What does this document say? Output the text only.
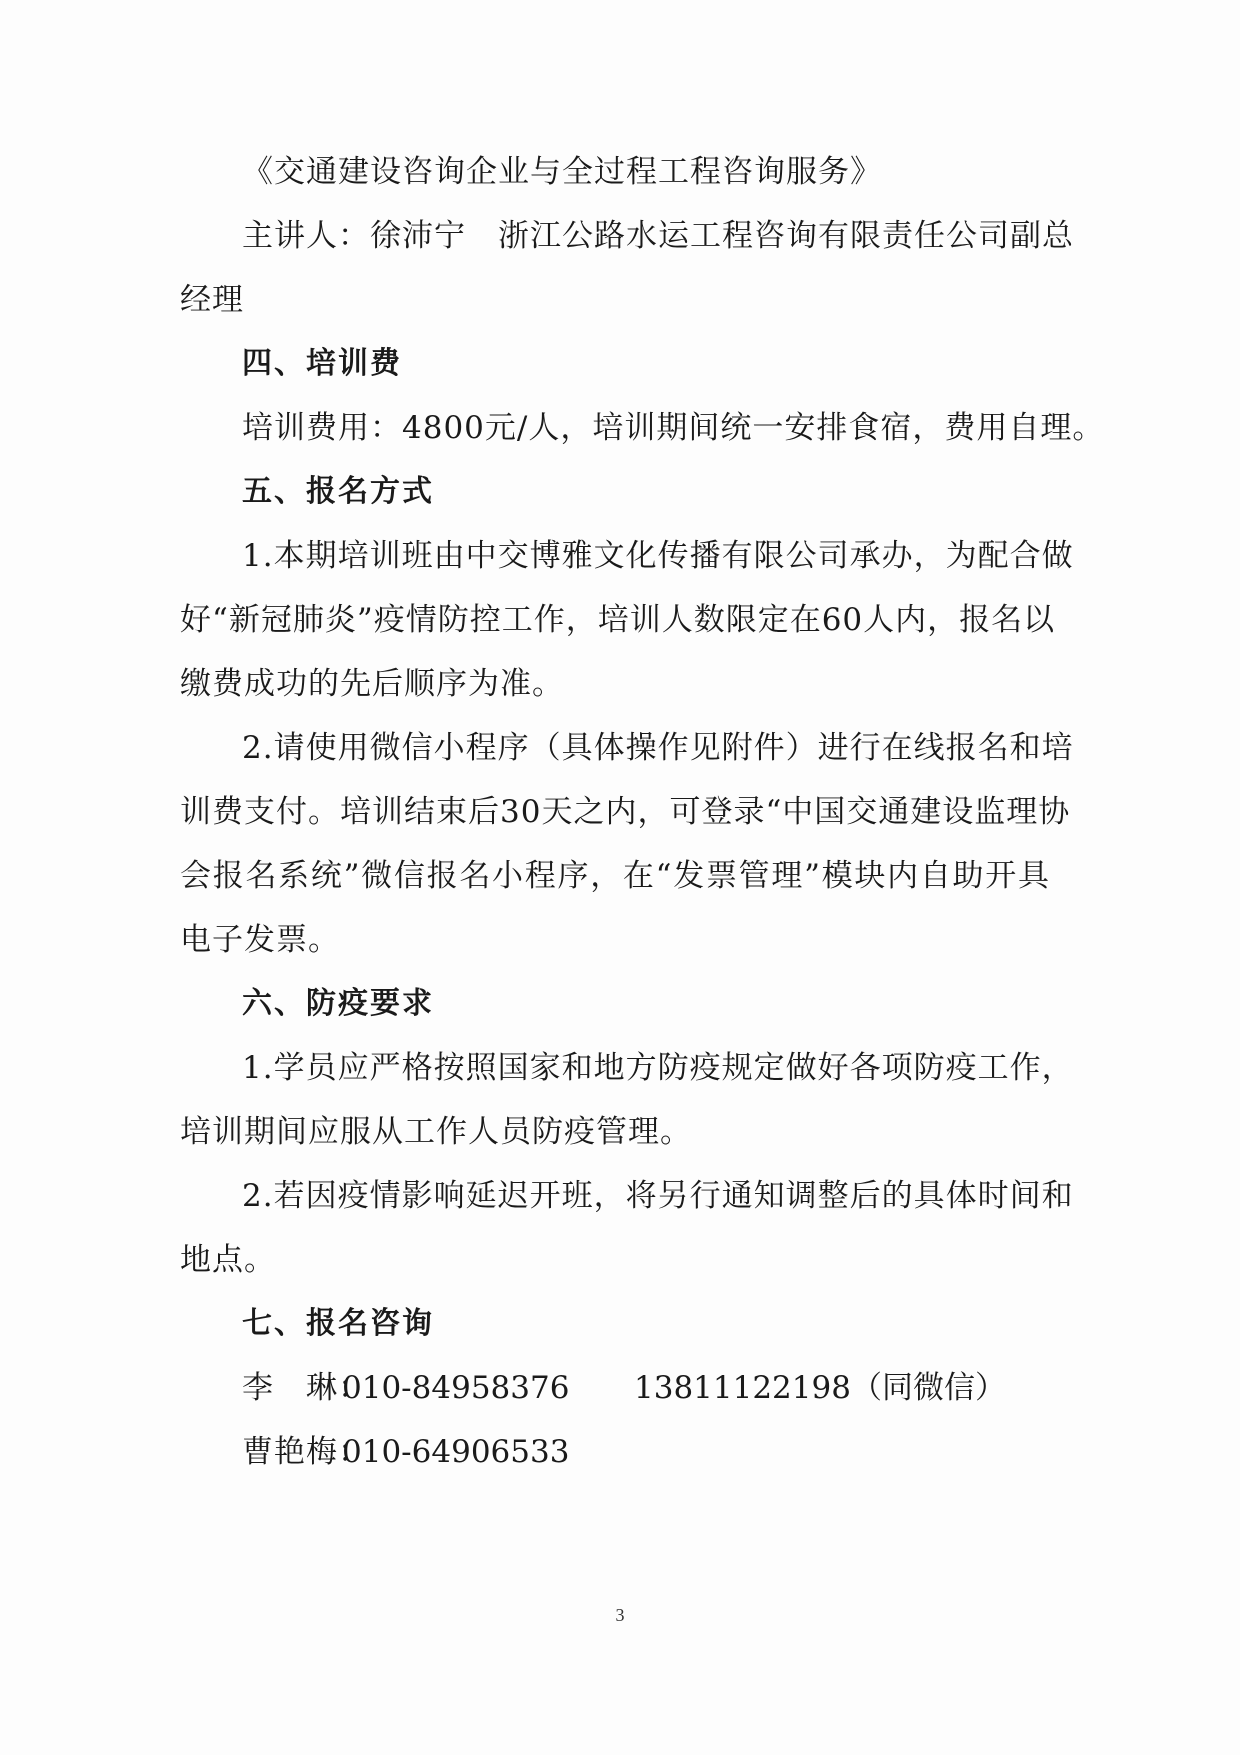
《交通建设咨询企业与全过程工程咨询服务》
主讲人：徐沛宁　浙江公路水运工程咨询有限责任公司副总
经理
四、培训费
培训费用：4800元/人，培训期间统一安排食宿，费用自理。
五、报名方式
1.本期培训班由中交博雅文化传播有限公司承办，为配合做
好“新冠肺炎”疫情防控工作，培训人数限定在60人内，报名以
缴费成功的先后顺序为准。
2.请使用微信小程序（具体操作见附件）进行在线报名和培
训费支付。培训结束后30天之内，可登录“中国交通建设监理协
会报名系统”微信报名小程序，在“发票管理”模块内自助开具
电子发票。
六、防疫要求
1.学员应严格按照国家和地方防疫规定做好各项防疫工作，
培训期间应服从工作人员防疫管理。
2.若因疫情影响延迟开班，将另行通知调整后的具体时间和
地点。
七、报名咨询
李　琳：010-84958376 13811122198（同微信）
曹艳梅：010-64906533
3
